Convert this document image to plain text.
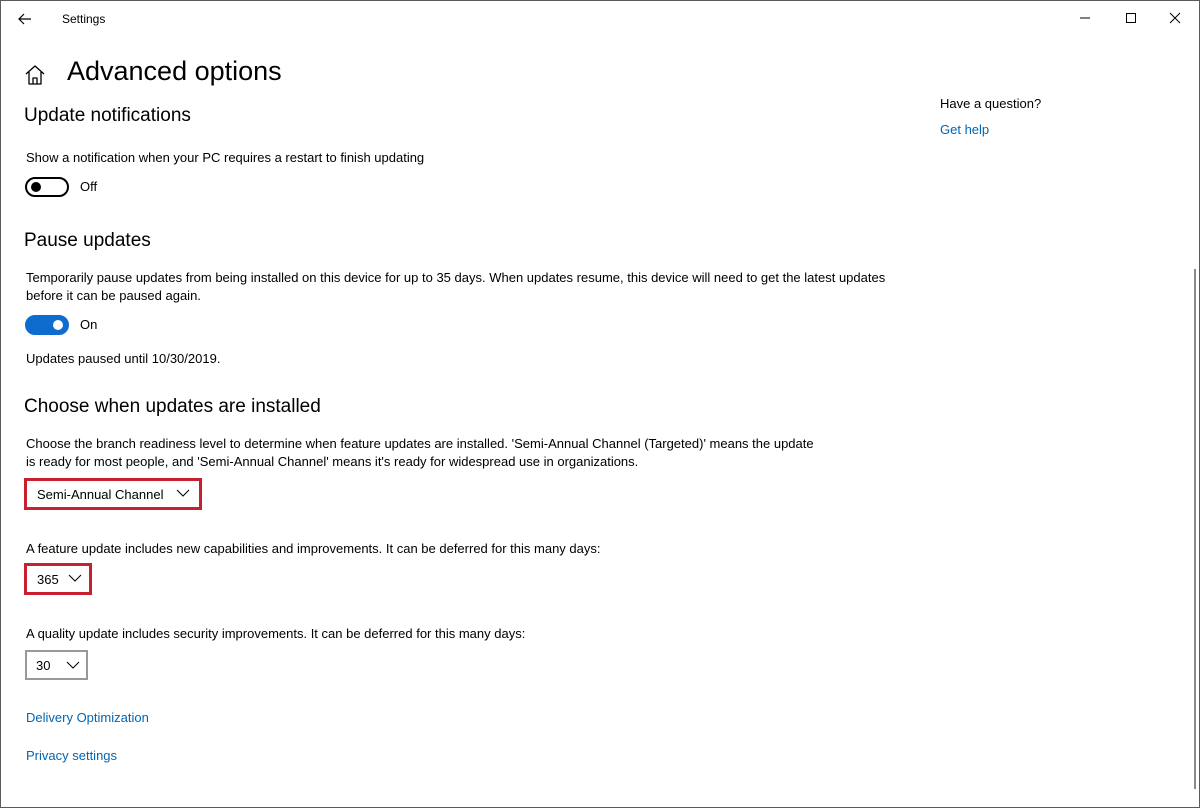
Settings
Advanced options
Update notifications
Show a notification when your PC requires a restart to finish updating
Off
Pause updates
Temporarily pause updates from being installed on this device for up to 35 days. When updates resume, this device will need to get the latest updates before it can be paused again.
On
Updates paused until 10/30/2019.
Choose when updates are installed
Choose the branch readiness level to determine when feature updates are installed. 'Semi-Annual Channel (Targeted)' means the update is ready for most people, and 'Semi-Annual Channel' means it's ready for widespread use in organizations.
Semi-Annual Channel
A feature update includes new capabilities and improvements. It can be deferred for this many days:
365
A quality update includes security improvements. It can be deferred for this many days:
30
Delivery Optimization
Privacy settings
Have a question?
Get help
